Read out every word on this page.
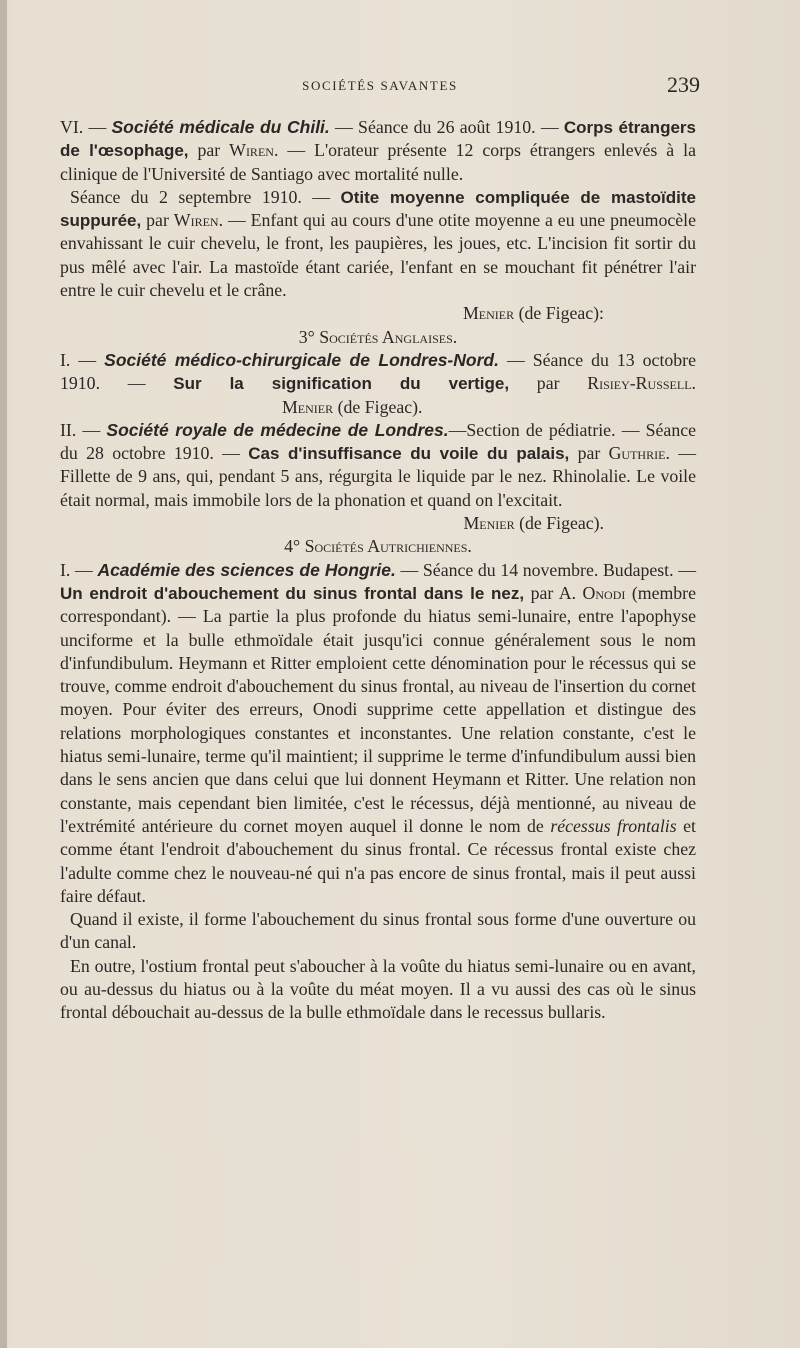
SOCIÉTÉS SAVANTES	239

VI. — Société médicale du Chili. — Séance du 26 août 1910. — Corps étrangers de l'œsophage, par Wiren. — L'orateur présente 12 corps étrangers enlevés à la clinique de l'Université de Santiago avec mortalité nulle.

Séance du 2 septembre 1910. — Otite moyenne compliquée de mastoïdite suppurée, par Wiren. — Enfant qui au cours d'une otite moyenne a eu une pneumocèle envahissant le cuir chevelu, le front, les paupières, les joues, etc. L'incision fit sortir du pus mêlé avec l'air. La mastoïde étant cariée, l'enfant en se mouchant fit pénétrer l'air entre le cuir chevelu et le crâne.

Menier (de Figeac):

3° Sociétés Anglaises.

I. — Société médico-chirurgicale de Londres-Nord. — Séance du 13 octobre 1910. — Sur la signification du vertige, par Risiey-Russell.Menier (de Figeac).

II. — Société royale de médecine de Londres.—Section de pédiatrie. — Séance du 28 octobre 1910. — Cas d'insuffisance du voile du palais, par Guthrie. — Fillette de 9 ans, qui, pendant 5 ans, régurgita le liquide par le nez. Rhinolalie. Le voile était normal, mais immobile lors de la phonation et quand on l'excitait.

Menier (de Figeac).

4° Sociétés Autrichiennes.

I. — Académie des sciences de Hongrie. — Séance du 14 novembre. Budapest. — Un endroit d'abouchement du sinus frontal dans le nez, par A. Onodi (membre correspondant). — La partie la plus profonde du hiatus semi-lunaire, entre l'apophyse unciforme et la bulle ethmoïdale était jusqu'ici connue généralement sous le nom d'infundibulum. Heymann et Ritter emploient cette dénomination pour le récessus qui se trouve, comme endroit d'abouchement du sinus frontal, au niveau de l'insertion du cornet moyen. Pour éviter des erreurs, Onodi supprime cette appellation et distingue des relations morphologiques constantes et inconstantes. Une relation constante, c'est le hiatus semi-lunaire, terme qu'il maintient; il supprime le terme d'infundibulum aussi bien dans le sens ancien que dans celui que lui donnent Heymann et Ritter. Une relation non constante, mais cependant bien limitée, c'est le récessus, déjà mentionné, au niveau de l'extrémité antérieure du cornet moyen auquel il donne le nom de récessus frontalis et comme étant l'endroit d'abouchement du sinus frontal. Ce récessus frontal existe chez l'adulte comme chez le nouveau-né qui n'a pas encore de sinus frontal, mais il peut aussi faire défaut.

Quand il existe, il forme l'abouchement du sinus frontal sous forme d'une ouverture ou d'un canal.

En outre, l'ostium frontal peut s'aboucher à la voûte du hiatus semi-lunaire ou en avant, ou au-dessus du hiatus ou à la voûte du méat moyen. Il a vu aussi des cas où le sinus frontal débouchait au-dessus de la bulle ethmoïdale dans le recessus bullaris.
